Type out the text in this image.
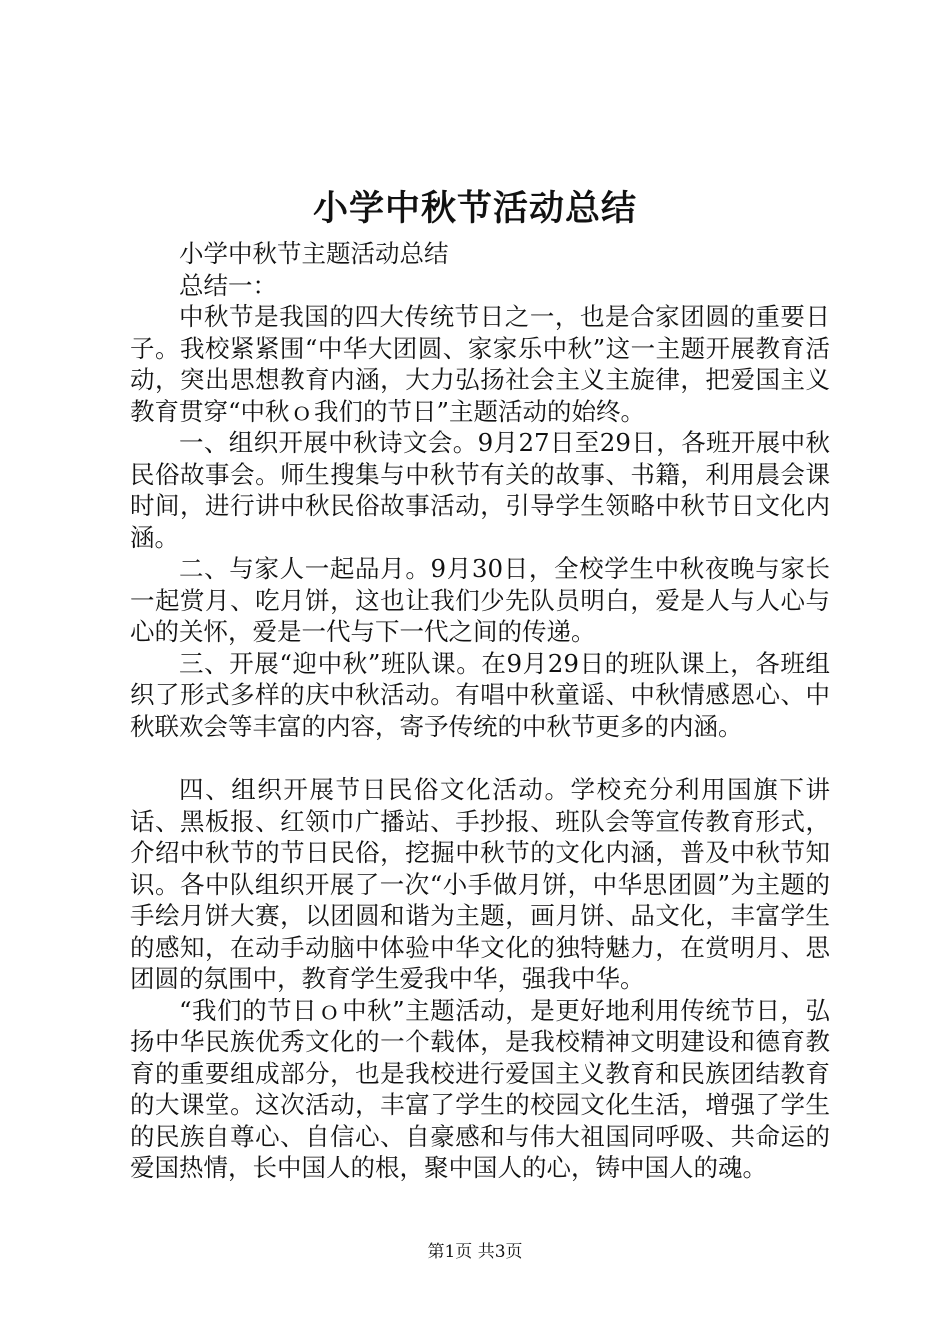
小学中秋节活动总结

小学中秋节主题活动总结

总结一：

中秋节是我国的四大传统节日之一，也是合家团圆的重要日子。我校紧紧围“中华大团圆、家家乐中秋”这一主题开展教育活动，突出思想教育内涵，大力弘扬社会主义主旋律，把爱国主义教育贯穿“中秋ｏ我们的节日”主题活动的始终。

一、组织开展中秋诗文会。9月27日至29日，各班开展中秋民俗故事会。师生搜集与中秋节有关的故事、书籍，利用晨会课时间，进行讲中秋民俗故事活动，引导学生领略中秋节日文化内涵。

二、与家人一起品月。9月30日，全校学生中秋夜晚与家长一起赏月、吃月饼，这也让我们少先队员明白，爱是人与人心与心的关怀，爱是一代与下一代之间的传递。

三、开展“迎中秋”班队课。在9月29日的班队课上，各班组织了形式多样的庆中秋活动。有唱中秋童谣、中秋情感恩心、中秋联欢会等丰富的内容，寄予传统的中秋节更多的内涵。

四、组织开展节日民俗文化活动。学校充分利用国旗下讲话、黑板报、红领巾广播站、手抄报、班队会等宣传教育形式，介绍中秋节的节日民俗，挖掘中秋节的文化内涵，普及中秋节知识。各中队组织开展了一次“小手做月饼，中华思团圆”为主题的手绘月饼大赛，以团圆和谐为主题，画月饼、品文化，丰富学生的感知，在动手动脑中体验中华文化的独特魅力，在赏明月、思团圆的氛围中，教育学生爱我中华，强我中华。

“我们的节日ｏ中秋”主题活动，是更好地利用传统节日，弘扬中华民族优秀文化的一个载体，是我校精神文明建设和德育教育的重要组成部分，也是我校进行爱国主义教育和民族团结教育的大课堂。这次活动，丰富了学生的校园文化生活，增强了学生的民族自尊心、自信心、自豪感和与伟大祖国同呼吸、共命运的爱国热情，长中国人的根，聚中国人的心，铸中国人的魂。

第1页 共3页
